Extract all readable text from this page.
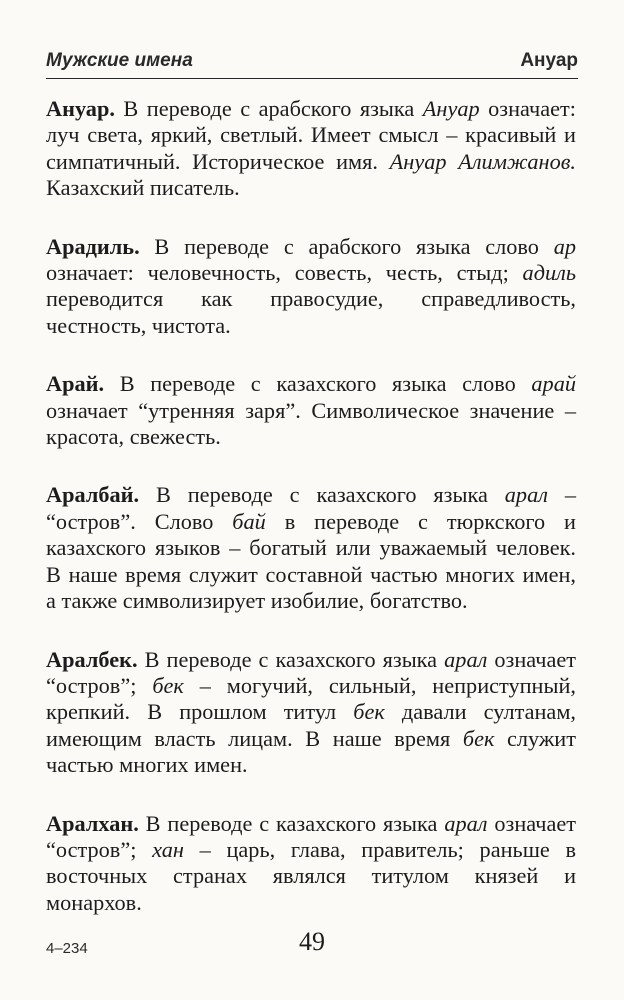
Мужские имена	Ануар

Ануар. В переводе с арабского языка Ануар означает: луч света, яркий, светлый. Имеет смысл – красивый и симпатичный. Историческое имя. Ануар Алимжанов. Казахский писатель.

Арадиль. В переводе с арабского языка слово ар означает: человечность, совесть, честь, стыд; адиль переводится как правосудие, справедливость, честность, чистота.

Арай. В переводе с казахского языка слово арай означает “утренняя заря”. Символическое значение – красота, свежесть.

Аралбай. В переводе с казахского языка арал – “остров”. Слово бай в переводе с тюркского и казахского языков – богатый или уважаемый человек. В наше время служит составной частью многих имен, а также символизирует изобилие, богатство.

Аралбек. В переводе с казахского языка арал означает “остров”; бек – могучий, сильный, неприступный, крепкий. В прошлом титул бек давали султанам, имеющим власть лицам. В наше время бек служит частью многих имен.

Аралхан. В переводе с казахского языка арал означает “остров”; хан – царь, глава, правитель; раньше в восточных странах являлся титулом князей и монархов.

4–234	49
